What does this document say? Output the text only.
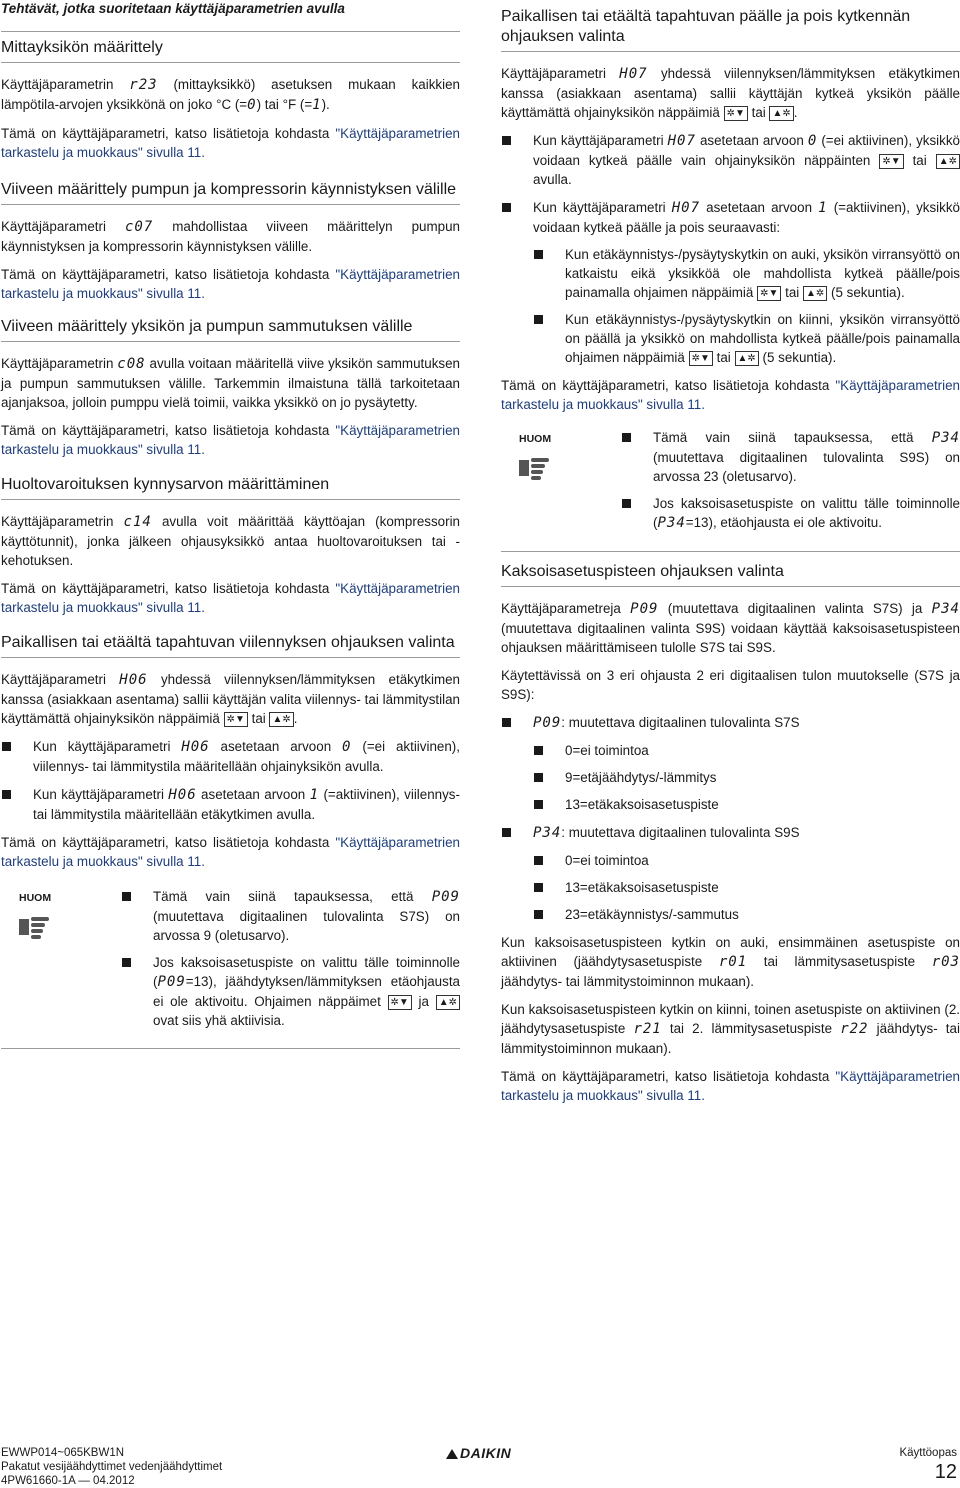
Tehtävät, jotka suoritetaan käyttäjäparametrien avulla
Mittayksikön määrittely

Käyttäjäparametrin r23 (mittayksikkö) asetuksen mukaan kaikkien lämpötila-arvojen yksikkönä on joko °C (=0) tai °F (=1).

Tämä on käyttäjäparametri, katso lisätietoja kohdasta "Käyttäjäparametrien tarkastelu ja muokkaus" sivulla 11.

Viiveen määrittely pumpun ja kompressorin käynnistyksen välille

Käyttäjäparametri c07 mahdollistaa viiveen määrittelyn pumpun käynnistyksen ja kompressorin käynnistyksen välille.

Tämä on käyttäjäparametri, katso lisätietoja kohdasta "Käyttäjäparametrien tarkastelu ja muokkaus" sivulla 11.

Viiveen määrittely yksikön ja pumpun sammutuksen välille

Käyttäjäparametrin c08 avulla voitaan määritellä viive yksikön sammutuksen ja pumpun sammutuksen välille. Tarkemmin ilmaistuna tällä tarkoitetaan ajanjaksoa, jolloin pumppu vielä toimii, vaikka yksikkö on jo pysäytetty.

Tämä on käyttäjäparametri, katso lisätietoja kohdasta "Käyttäjäparametrien tarkastelu ja muokkaus" sivulla 11.

Huoltovaroituksen kynnysarvon määrittäminen

Käyttäjäparametrin c14 avulla voit määrittää käyttöajan (kompressorin käyttötunnit), jonka jälkeen ohjausyksikkö antaa huoltovaroituksen tai -kehotuksen.

Tämä on käyttäjäparametri, katso lisätietoja kohdasta "Käyttäjäparametrien tarkastelu ja muokkaus" sivulla 11.

Paikallisen tai etäältä tapahtuvan viilennyksen ohjauksen valinta

Käyttäjäparametri H06 yhdessä viilennyksen/lämmityksen etäkytkimen kanssa (asiakkaan asentama) sallii käyttäjän valita viilennys- tai lämmitystilan käyttämättä ohjainyksikön näppäimiä ✲▼ tai ▲✲ .

Kun käyttäjäparametri H06 asetetaan arvoon 0 (=ei aktiivinen), viilennys- tai lämmitystila määritellään ohjainyksikön avulla.
Kun käyttäjäparametri H06 asetetaan arvoon 1 (=aktiivinen), viilennys- tai lämmitystila määritellään etäkytkimen avulla.

Tämä on käyttäjäparametri, katso lisätietoja kohdasta "Käyttäjäparametrien tarkastelu ja muokkaus" sivulla 11.

HUOM	Tämä vain siinä tapauksessa, että P09 (muutettava digitaalinen tulovalinta S7S) on arvossa 9 (oletusarvo).
Jos kaksoisasetuspiste on valittu tälle toiminnolle (P09=13), jäähdytyksen/lämmityksen etäohjausta ei ole aktivoitu. Ohjaimen näppäimet ✲▼ ja ▲✲ ovat siis yhä aktiivisia.
Paikallisen tai etäältä tapahtuvan päälle ja pois kytkennän ohjauksen valinta

Käyttäjäparametri H07 yhdessä viilennyksen/lämmityksen etäkytkimen kanssa (asiakkaan asentama) sallii käyttäjän kytkeä yksikön päälle käyttämättä ohjainyksikön näppäimiä ✲▼ tai ▲✲ .

Kun käyttäjäparametri H07 asetetaan arvoon 0 (=ei aktiivinen), yksikkö voidaan kytkeä päälle vain ohjainyksikön näppäinten ✲▼ tai ▲✲ avulla.
Kun käyttäjäparametri H07 asetetaan arvoon 1 (=aktiivinen), yksikkö voidaan kytkeä päälle ja pois seuraavasti:
Kun etäkäynnistys-/pysäytyskytkin on auki, yksikön virransyöttö on katkaistu eikä yksikköä ole mahdollista kytkeä päälle/pois painamalla ohjaimen näppäimiä ✲▼ tai ▲✲ (5 sekuntia).
Kun etäkäynnistys-/pysäytyskytkin on kiinni, yksikön virransyöttö on päällä ja yksikkö on mahdollista kytkeä päälle/pois painamalla ohjaimen näppäimiä ✲▼ tai ▲✲ (5 sekuntia).

Tämä on käyttäjäparametri, katso lisätietoja kohdasta "Käyttäjäparametrien tarkastelu ja muokkaus" sivulla 11.

HUOM	Tämä vain siinä tapauksessa, että P34 (muutettava digitaalinen tulovalinta S9S) on arvossa 23 (oletusarvo).
Jos kaksoisasetuspiste on valittu tälle toiminnolle (P34=13), etäohjausta ei ole aktivoitu.
Kaksoisasetuspisteen ohjauksen valinta

Käyttäjäparametreja P09 (muutettava digitaalinen valinta S7S) ja P34 (muutettava digitaalinen valinta S9S) voidaan käyttää kaksoisasetuspisteen ohjauksen määrittämiseen tulolle S7S tai S9S.

Käytettävissä on 3 eri ohjausta 2 eri digitaalisen tulon muutokselle (S7S ja S9S):

P09: muutettava digitaalinen tulovalinta S7S
0=ei toimintoa
9=etäjäähdytys/-lämmitys
13=etäkaksoisasetuspiste
P34: muutettava digitaalinen tulovalinta S9S
0=ei toimintoa
13=etäkaksoisasetuspiste
23=etäkäynnistys/-sammutus

Kun kaksoisasetuspisteen kytkin on auki, ensimmäinen asetuspiste on aktiivinen (jäähdytysasetuspiste r01 tai lämmitysasetuspiste r03 jäähdytys- tai lämmitystoiminnon mukaan).

Kun kaksoisasetuspisteen kytkin on kiinni, toinen asetuspiste on aktiivinen (2. jäähdytysasetuspiste r21 tai 2. lämmitysasetuspiste r22 jäähdytys- tai lämmitystoiminnon mukaan).

Tämä on käyttäjäparametri, katso lisätietoja kohdasta "Käyttäjäparametrien tarkastelu ja muokkaus" sivulla 11.

EWWP014~065KBW1N
Pakatut vesijäähdyttimet vedenjäähdyttimet
4PW61660-1A — 04.2012
DAIKIN	Käyttöopas
12
